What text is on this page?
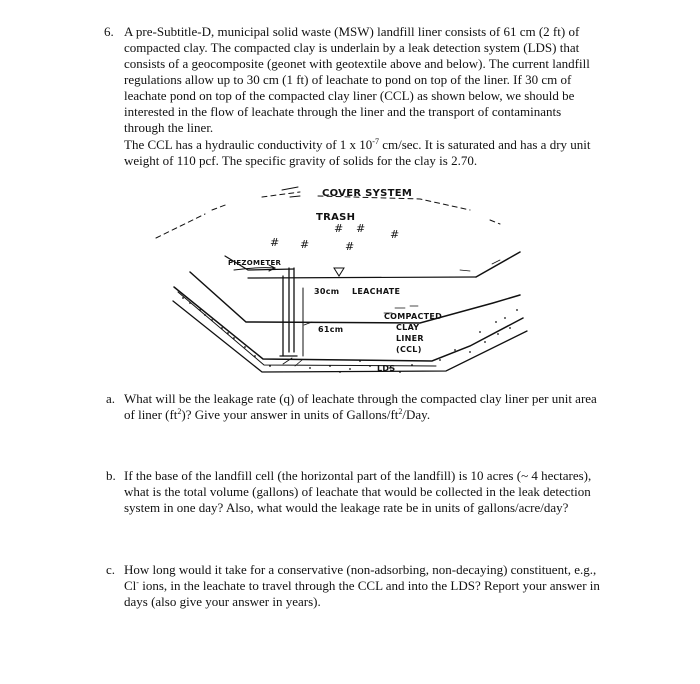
6. A pre-Subtitle-D, municipal solid waste (MSW) landfill liner consists of 61 cm (2 ft) of compacted clay. The compacted clay is underlain by a leak detection system (LDS) that consists of a geocomposite (geonet with geotextile above and below). The current landfill regulations allow up to 30 cm (1 ft) of leachate to pond on top of the liner. If 30 cm of leachate pond on top of the compacted clay liner (CCL) as shown below, we should be interested in the flow of leachate through the liner and the transport of contaminants through the liner.

The CCL has a hydraulic conductivity of 1 x $10^{-7}$ cm/sec. It is saturated and has a dry unit weight of 110 pcf. The specific gravity of solids for the clay is 2.70.

COVER SYSTEM
TRASH
# # #
# #	#
PIEZOMETER
30cm LEACHATE
61cm
COMPACTED
CLAY
LINER
(CCL)
LDS
a. What will be the leakage rate (q) of leachate through the compacted clay liner per unit area of liner $(ft^2)$? Give your answer in units of Gallons/$ft^2$/Day.

b. If the base of the landfill cell (the horizontal part of the landfill) is 10 acres (~ 4 hectares), what is the total volume (gallons) of leachate that would be collected in the leak detection system in one day? Also, what would the leakage rate be in units of gallons/acre/day?

c. How long would it take for a conservative (non-adsorbing, non-decaying) constituent, e.g., Cl- ions, in the leachate to travel through the CCL and into the LDS? Report your answer in days (also give your answer in years).
